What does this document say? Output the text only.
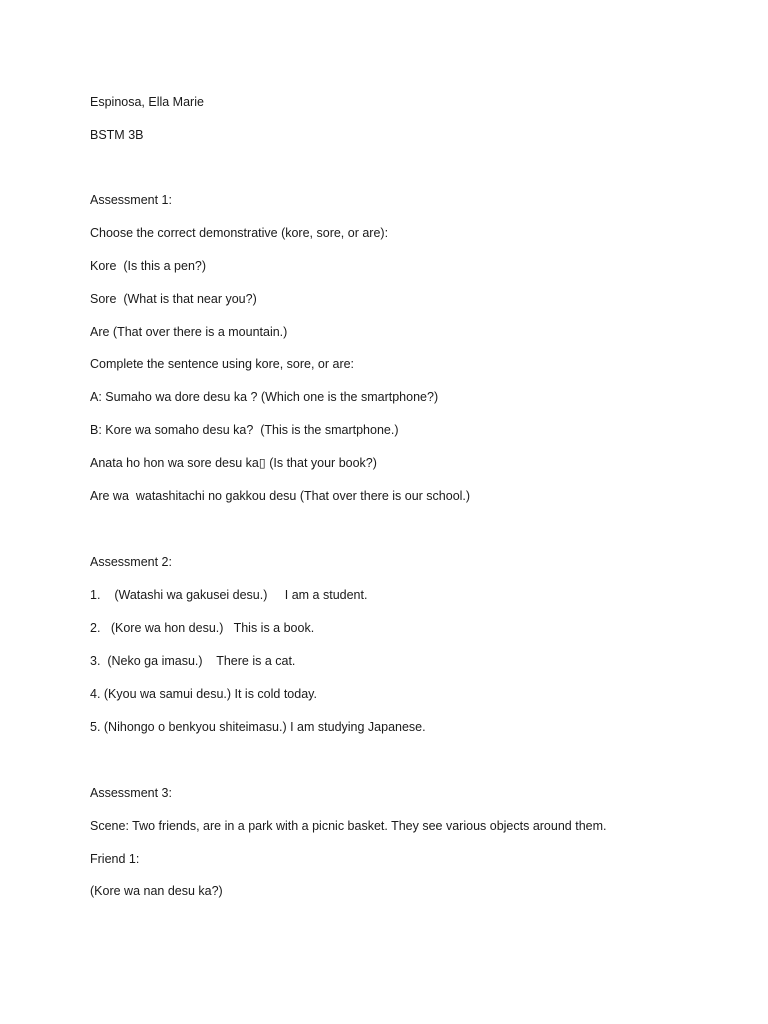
Espinosa, Ella Marie
BSTM 3B
Assessment 1:
Choose the correct demonstrative (kore, sore, or are):
Kore  (Is this a pen?)
Sore  (What is that near you?)
Are (That over there is a mountain.)
Complete the sentence using kore, sore, or are:
A: Sumaho wa dore desu ka ? (Which one is the smartphone?)
B: Kore wa somaho desu ka?  (This is the smartphone.)
Anata ho hon wa sore desu ka▯ (Is that your book?)
Are wa  watashitachi no gakkou desu (That over there is our school.)
Assessment 2:
1.    (Watashi wa gakusei desu.)     I am a student.
2.   (Kore wa hon desu.)   This is a book.
3.  (Neko ga imasu.)    There is a cat.
4. (Kyou wa samui desu.) It is cold today.
5. (Nihongo o benkyou shiteimasu.) I am studying Japanese.
Assessment 3:
Scene: Two friends, are in a park with a picnic basket. They see various objects around them.
Friend 1:
(Kore wa nan desu ka?)
